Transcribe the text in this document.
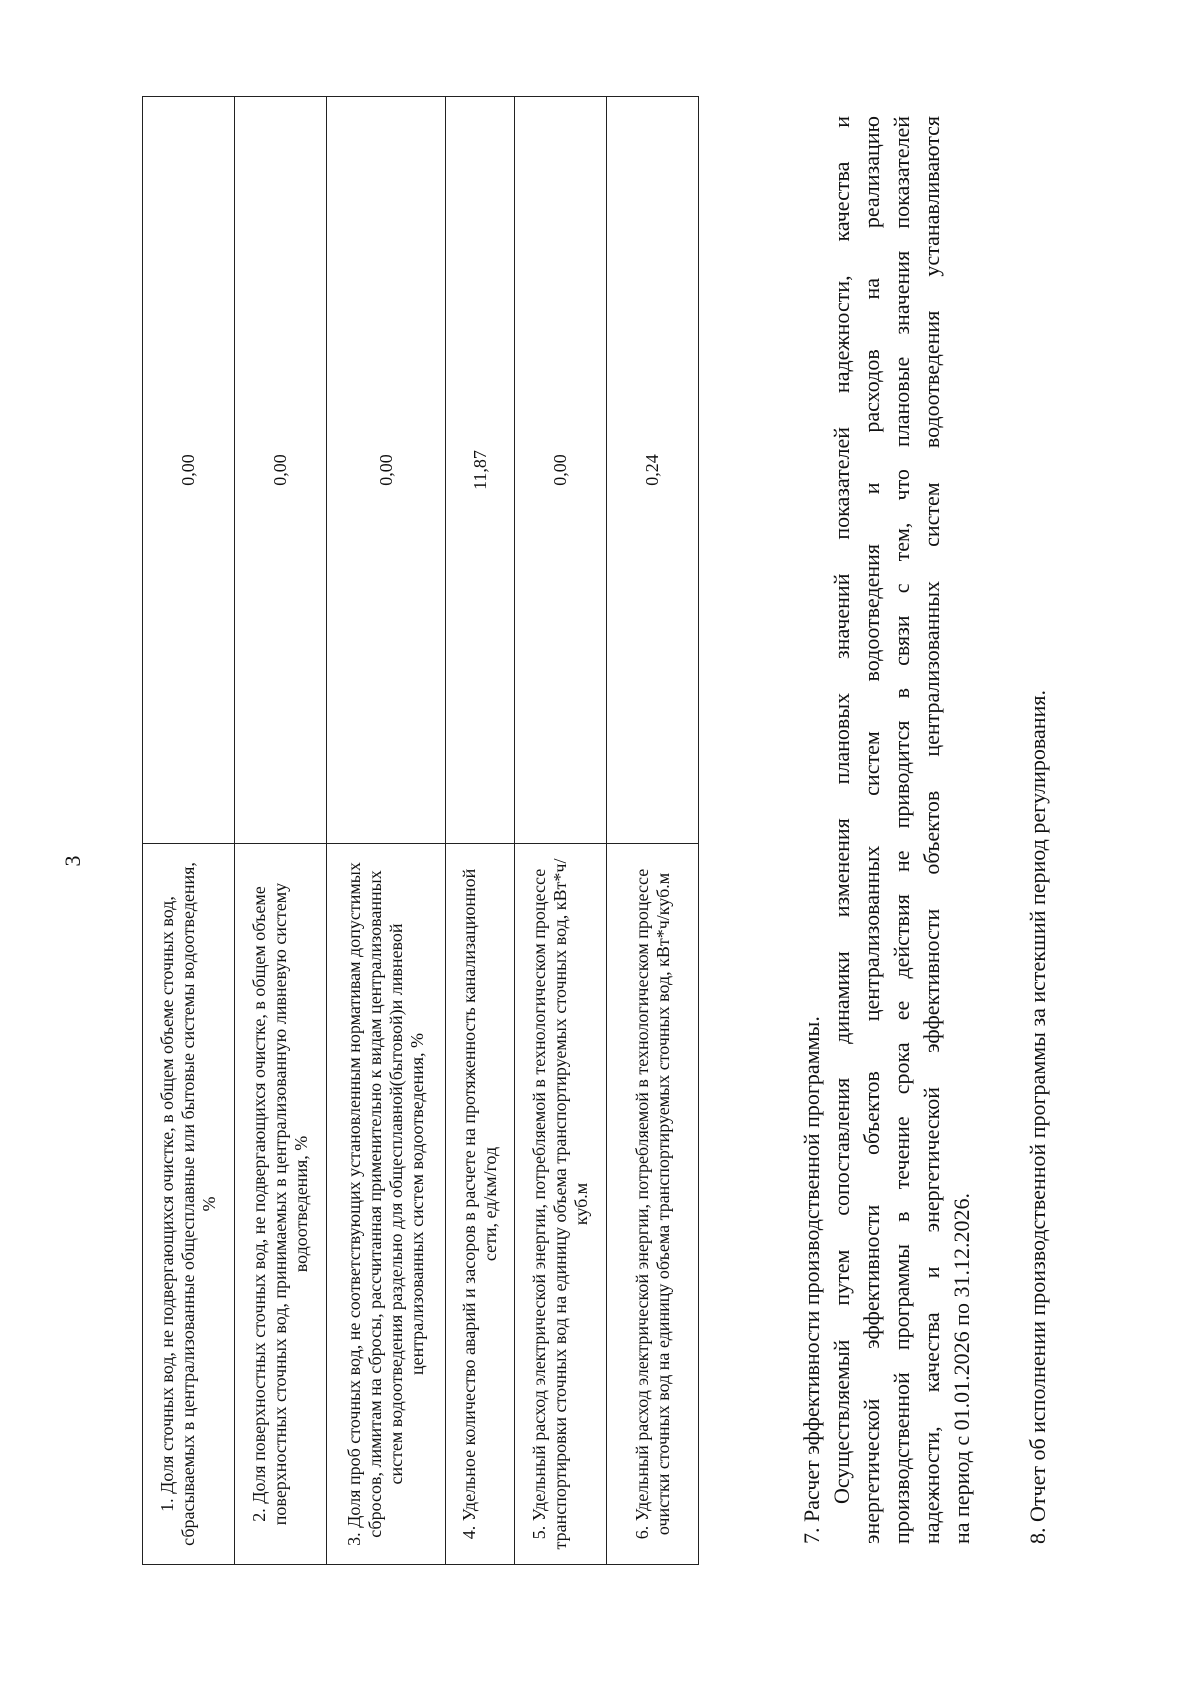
3
1. Доля сточных вод, не подвергающихся очистке, в общем объеме сточных вод, сбрасываемых в централизованные общесплавные или бытовые системы водоотведения, %	0,00
2. Доля поверхностных сточных вод, не подвергающихся очистке, в общем объеме поверхностных сточных вод, принимаемых в централизованную ливневую систему водоотведения, %	0,00
3. Доля проб сточных вод, не соответствующих установленным нормативам допустимых сбросов, лимитам на сбросы, рассчитанная применительно к видам централизованных систем водоотведения раздельно для общесплавной(бытовой)и ливневой централизованных систем водоотведения, %	0,00
4. Удельное количество аварий и засоров в расчете на протяженность канализационной сети, ед/км/год	11,87
5. Удельный расход электрической энергии, потребляемой в технологическом процессе транспортировки сточных вод на единицу объема транспортируемых сточных вод, кВт*ч/куб.м	0,00
6. Удельный расход электрической энергии, потребляемой в технологическом процессе очистки сточных вод на единицу объема транспортируемых сточных вод, кВт*ч/куб.м	0,24

7. Расчет эффективности производственной программы. Осуществляемый путем сопоставления динамики изменения плановых значений показателей надежности, качества и энергетической эффективности объектов централизованных систем водоотведения и расходов на реализацию производственной программы в течение срока ее действия не приводится в связи с тем, что плановые значения показателей надежности, качества и энергетической эффективности объектов централизованных систем водоотведения устанавливаются на период с 01.01.2026 по 31.12.2026. 8. Отчет об исполнении производственной программы за истекший период регулирования.
